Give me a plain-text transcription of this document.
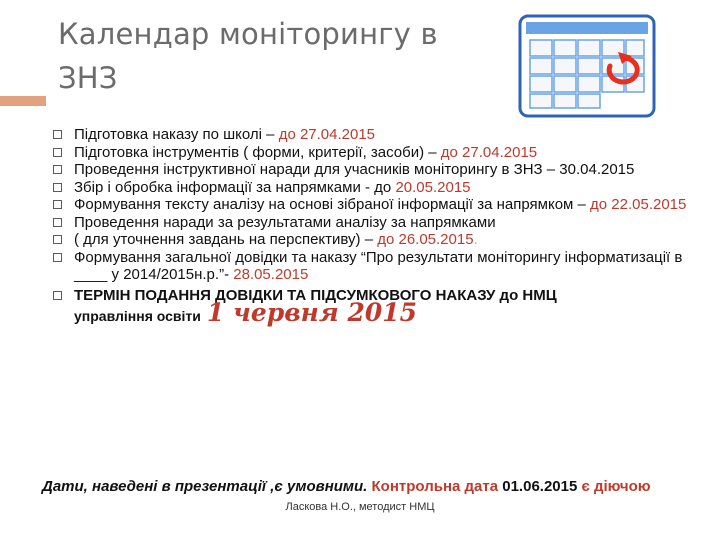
Календар моніторингу в ЗНЗ
Підготовка наказу по школі – до 27.04.2015
Підготовка інструментів ( форми, критерії, засоби) – до 27.04.2015
Проведення інструктивної наради для учасників моніторингу в ЗНЗ – 30.04.2015
Збір і обробка інформації за напрямками - до 20.05.2015
Формування тексту аналізу на основі зібраної інформації за напрямком – до 22.05.2015
Проведення наради за результатами аналізу за напрямками
( для уточнення завдань на перспективу) – до 26.05.2015.
Формування загальної довідки та наказу “Про результати моніторингу інформатизації в ____ у 2014/2015н.р.”- 28.05.2015
ТЕРМІН ПОДАННЯ ДОВІДКИ ТА ПІДСУМКОВОГО НАКАЗУ до НМЦ
управління освіти 1 червня 2015
Дати, наведені в презентації ,є умовними. Контрольна дата 01.06.2015 є діючою
Ласкова Н.О., методист НМЦ
